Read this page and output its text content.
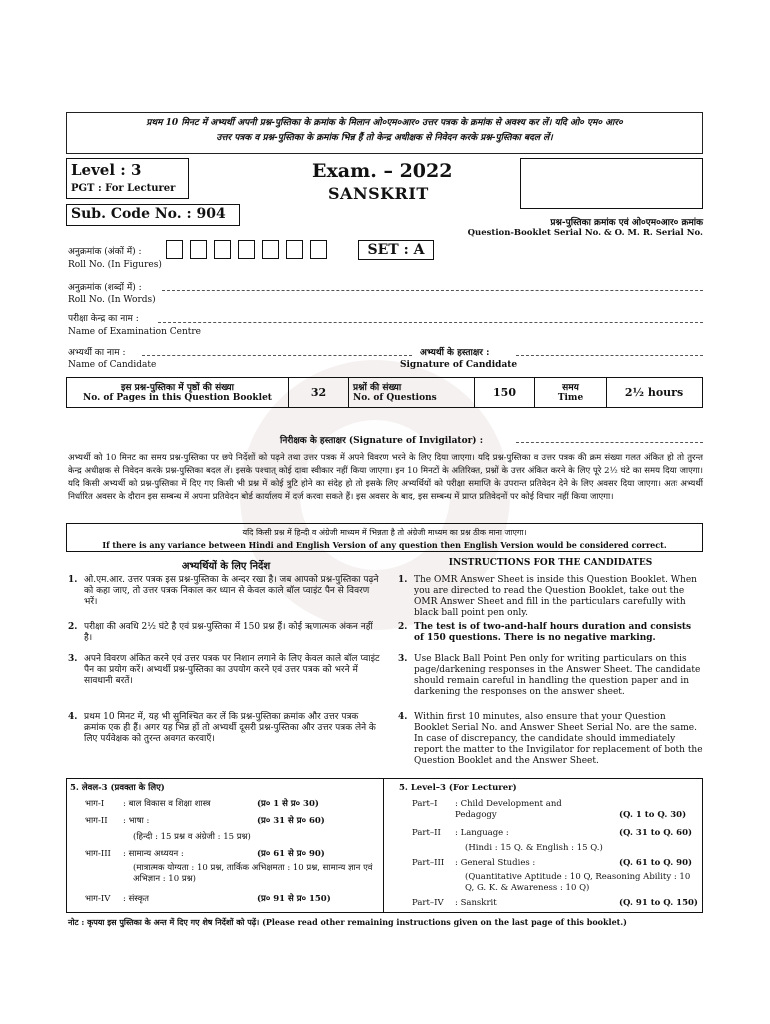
प्रथम 10 मिनट में अभ्यर्थी अपनी प्रश्न-पुस्तिका के क्रमांक के मिलान ओ०एम०आर० उत्तर पत्रक के क्रमांक से अवश्य कर लें। यदि ओ० एम० आर०
उत्तर पत्रक व प्रश्न-पुस्तिका के क्रमांक भिन्न हैं तो केन्द्र अधीक्षक से निवेदन करके प्रश्न-पुस्तिका बदल लें।
Level : 3
PGT : For Lecturer
Exam. – 2022
SANSKRIT
Sub. Code No. : 904
प्रश्न-पुस्तिका क्रमांक एवं ओ०एम०आर० क्रमांक
Question-Booklet Serial No. & O. M. R. Serial No.
अनुक्रमांक (अंकों में) :
Roll No. (In Figures)
SET : A
अनुक्रमांक (शब्दों में) :
Roll No. (In Words)
परीक्षा केन्द्र का नाम :
Name of Examination Centre
अभ्यर्थी का नाम :
Name of Candidate
अभ्यर्थी के हस्ताक्षर :
Signature of Candidate
इस प्रश्न-पुस्तिका में पृष्ठों की संख्या
No. of Pages in this Question Booklet	32	प्रश्नों की संख्या
No. of Questions	150	समय
Time	2½ hours
निरीक्षक के हस्ताक्षर (Signature of Invigilator) :
अभ्यर्थी को 10 मिनट का समय प्रश्न-पुस्तिका पर छपे निर्देशों को पढ़ने तथा उत्तर पत्रक में अपने विवरण भरने के लिए दिया जाएगा। यदि प्रश्न-पुस्तिका व उत्तर पत्रक की क्रम संख्या गलत अंकित हो तो तुरन्त केन्द्र अधीक्षक से निवेदन करके प्रश्न-पुस्तिका बदल लें। इसके पश्चात् कोई दावा स्वीकार नहीं किया जाएगा। इन 10 मिनटों के अतिरिक्त, प्रश्नों के उत्तर अंकित करने के लिए पूरे 2½ घंटे का समय दिया जाएगा। यदि किसी अभ्यर्थी को प्रश्न-पुस्तिका में दिए गए किसी भी प्रश्न में कोई त्रुटि होने का संदेह हो तो इसके लिए अभ्यर्थियों को परीक्षा समाप्ति के उपरान्त प्रतिवेदन देने के लिए अवसर दिया जाएगा। अतः अभ्यर्थी निर्धारित अवसर के दौरान इस सम्बन्ध में अपना प्रतिवेदन बोर्ड कार्यालय में दर्ज करवा सकते हैं। इस अवसर के बाद, इस सम्बन्ध में प्राप्त प्रतिवेदनों पर कोई विचार नहीं किया जाएगा।
यदि किसी प्रश्न में हिन्दी व अंग्रेजी माध्यम में भिन्नता है तो अंग्रेजी माध्यम का प्रश्न ठीक माना जाएगा।
If there is any variance between Hindi and English Version of any question then English Version would be considered correct.
अभ्यर्थियों के लिए निर्देश	INSTRUCTIONS FOR THE CANDIDATES
1. ओ.एम.आर. उत्तर पत्रक इस प्रश्न-पुस्तिका के अन्दर रखा है। जब आपको प्रश्न-पुस्तिका पढ़ने को कहा जाए, तो उत्तर पत्रक निकाल कर ध्यान से केवल काले बॉल प्वाइंट पैन से विवरण भरें।
2. परीक्षा की अवधि 2½ घंटे है एवं प्रश्न-पुस्तिका में 150 प्रश्न हैं। कोई ऋणात्मक अंकन नहीं है।
3. अपने विवरण अंकित करने एवं उत्तर पत्रक पर निशान लगाने के लिए केवल काले बॉल प्वाइंट पैन का प्रयोग करें। अभ्यर्थी प्रश्न-पुस्तिका का उपयोग करने एवं उत्तर पत्रक को भरने में सावधानी बरतें।
4. प्रथम 10 मिनट में, यह भी सुनिश्चित कर लें कि प्रश्न-पुस्तिका क्रमांक और उत्तर पत्रक क्रमांक एक ही हैं। अगर यह भिन्न हों तो अभ्यर्थी दूसरी प्रश्न-पुस्तिका और उत्तर पत्रक लेने के लिए पर्यवेक्षक को तुरन्त अवगत करवाएँ।
1. The OMR Answer Sheet is inside this Question Booklet. When you are directed to read the Question Booklet, take out the OMR Answer Sheet and fill in the particulars carefully with black ball point pen only.
2. The test is of two-and-half hours duration and consists of 150 questions. There is no negative marking.
3. Use Black Ball Point Pen only for writing particulars on this page/darkening responses in the Answer Sheet. The candidate should remain careful in handling the question paper and in darkening the responses on the answer sheet.
4. Within first 10 minutes, also ensure that your Question Booklet Serial No. and Answer Sheet Serial No. are the same. In case of discrepancy, the candidate should immediately report the matter to the Invigilator for replacement of both the Question Booklet and the Answer Sheet.
5. लेवल-3 (प्रवक्ता के लिए)
भाग-I : बाल विकास व शिक्षा शास्त्र	(प्र० 1 से प्र० 30)
भाग-II : भाषा :	(प्र० 31 से प्र० 60)
(हिन्दी : 15 प्रश्न व अंग्रेजी : 15 प्रश्न)
भाग-III : सामान्य अध्ययन :	(प्र० 61 से प्र० 90)
(मात्रात्मक योग्यता : 10 प्रश्न, तार्किक अभिक्षमता : 10 प्रश्न, सामान्य ज्ञान एवं अभिज्ञान : 10 प्रश्न)
भाग-IV : संस्कृत	(प्र० 91 से प्र० 150)
5. Level–3 (For Lecturer)
Part–I : Child Development and Pedagogy	(Q. 1 to Q. 30)
Part–II : Language :	(Q. 31 to Q. 60)
(Hindi : 15 Q. & English : 15 Q.)
Part–III : General Studies :	(Q. 61 to Q. 90)
(Quantitative Aptitude : 10 Q, Reasoning Ability : 10 Q, G. K. & Awareness : 10 Q)
Part–IV : Sanskrit	(Q. 91 to Q. 150)
नोट : कृपया इस पुस्तिका के अन्त में दिए गए शेष निर्देशों को पढ़ें। (Please read other remaining instructions given on the last page of this booklet.)
